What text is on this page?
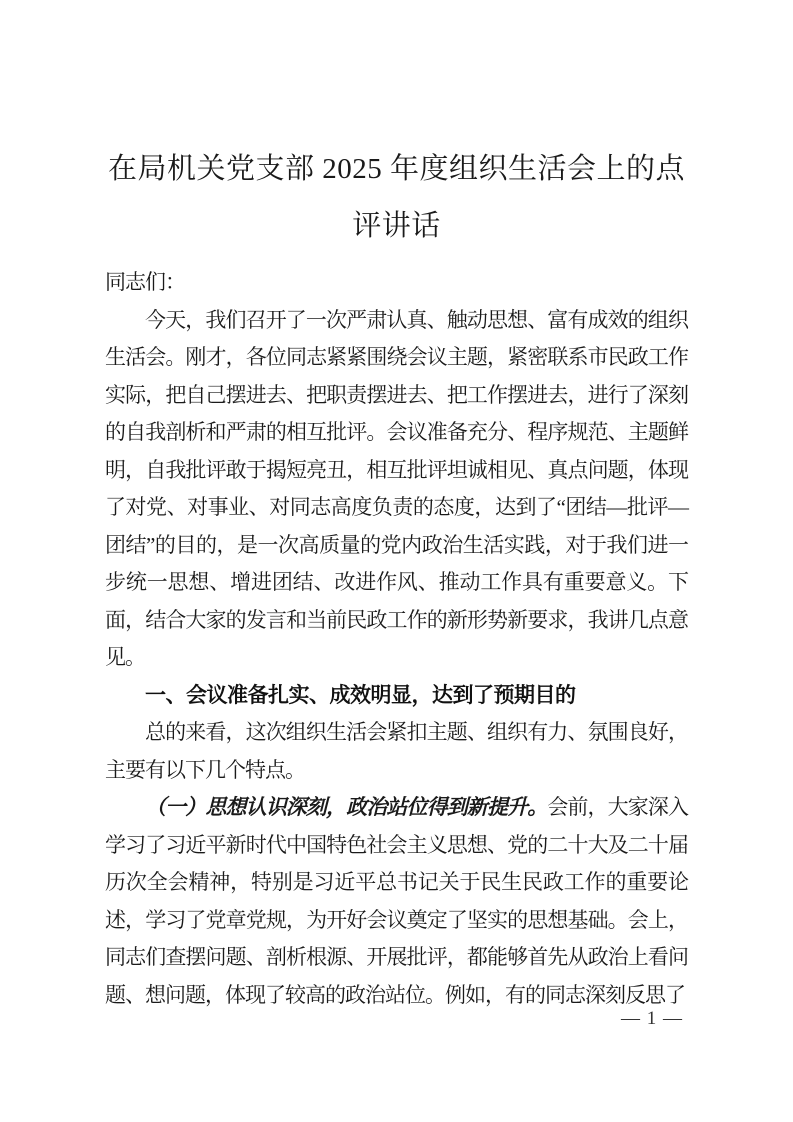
在局机关党支部 2025 年度组织生活会上的点
评讲话

同志们：

今天，我们召开了一次严肃认真、触动思想、富有成效的组织生活会。刚才，各位同志紧紧围绕会议主题，紧密联系市民政工作实际，把自己摆进去、把职责摆进去、把工作摆进去，进行了深刻的自我剖析和严肃的相互批评。会议准备充分、程序规范、主题鲜明，自我批评敢于揭短亮丑，相互批评坦诚相见、真点问题，体现了对党、对事业、对同志高度负责的态度，达到了“团结—批评—团结”的目的，是一次高质量的党内政治生活实践，对于我们进一步统一思想、增进团结、改进作风、推动工作具有重要意义。下面，结合大家的发言和当前民政工作的新形势新要求，我讲几点意见。

一、会议准备扎实、成效明显，达到了预期目的

总的来看，这次组织生活会紧扣主题、组织有力、氛围良好，主要有以下几个特点。

（一）思想认识深刻，政治站位得到新提升。会前，大家深入学习了习近平新时代中国特色社会主义思想、党的二十大及二十届历次全会精神，特别是习近平总书记关于民生民政工作的重要论述，学习了党章党规，为开好会议奠定了坚实的思想基础。会上，同志们查摆问题、剖析根源、开展批评，都能够首先从政治上看问题、想问题，体现了较高的政治站位。例如，有的同志深刻反思了

— 1 —
